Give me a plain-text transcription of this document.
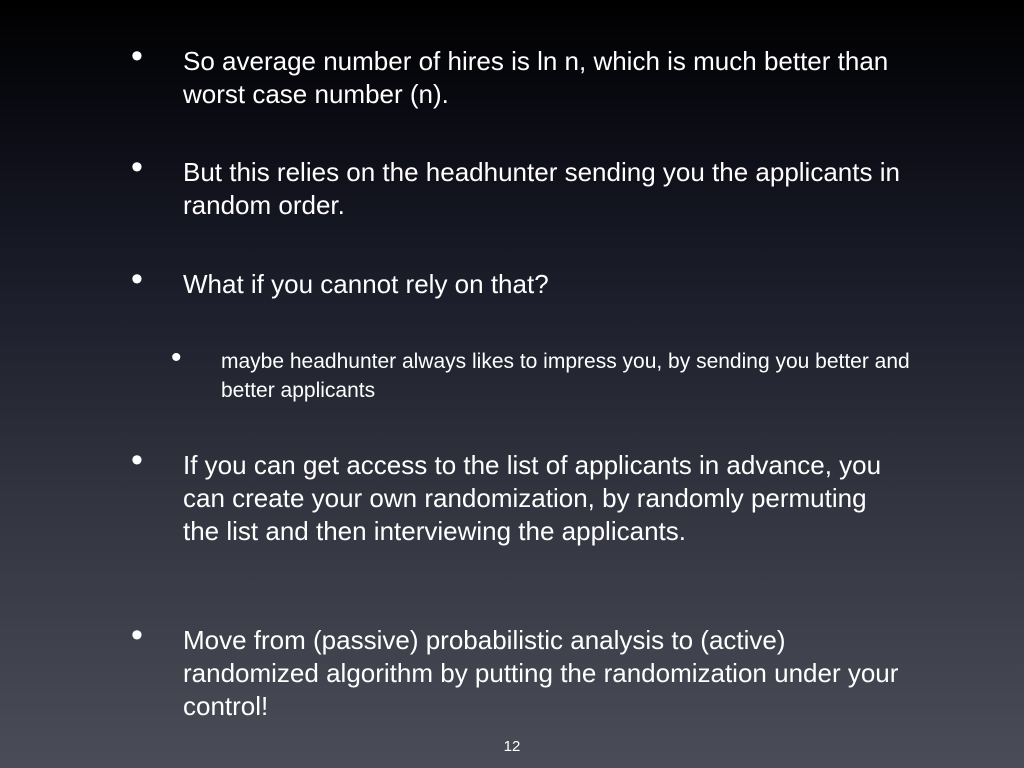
• So average number of hires is ln n, which is much better than worst case number (n).
• But this relies on the headhunter sending you the applicants in random order.
• What if you cannot rely on that?
• maybe headhunter always likes to impress you, by sending you better and better applicants
• If you can get access to the list of applicants in advance, you can create your own randomization, by randomly permuting the list and then interviewing the applicants.
• Move from (passive) probabilistic analysis to (active) randomized algorithm by putting the randomization under your control!
12
